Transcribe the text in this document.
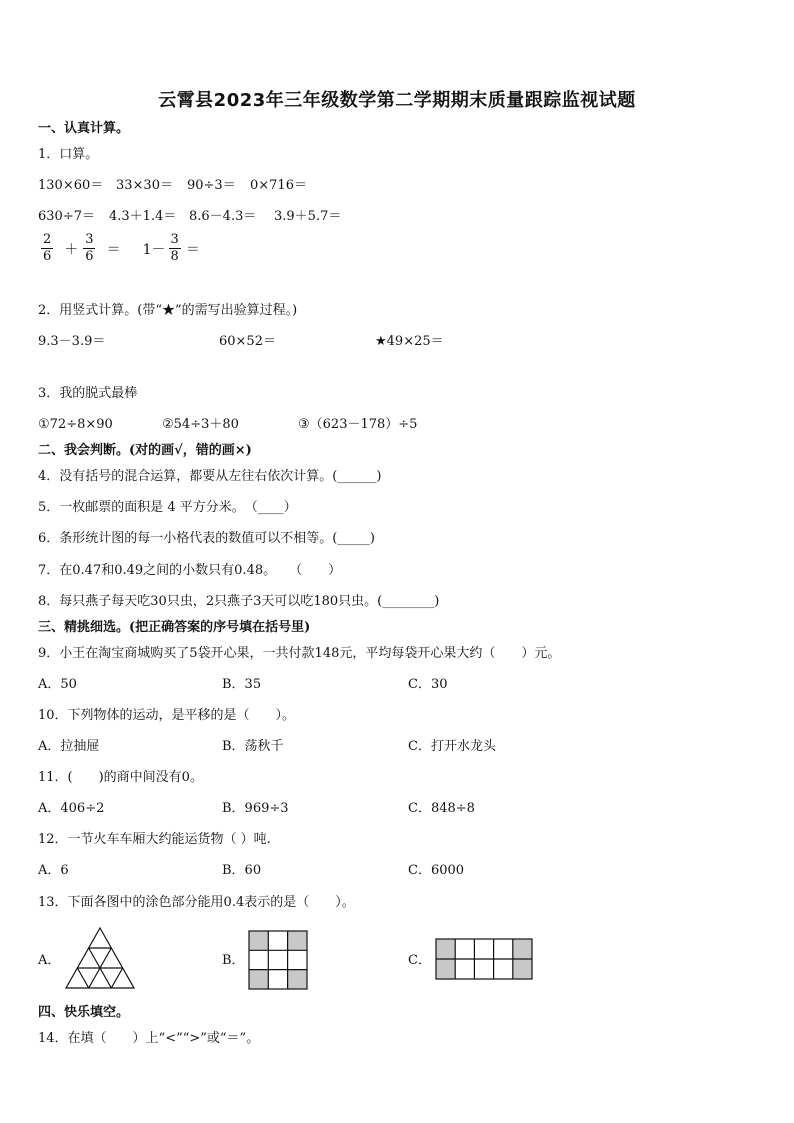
云霄县2023年三年级数学第二学期期末质量跟踪监视试题
一、认真计算。
1．口算。
130×60＝ 33×30＝	90÷3＝	0×716＝
630÷7＝	4.3＋1.4＝ 8.6－4.3＝	3.9＋5.7＝
$\frac{2}{6} + \frac{3}{6} = 1- \frac{3}{8}$ ＝
2．用竖式计算。(带“★”的需写出验算过程。)
9.3－3.9＝	60×52＝	★49×25＝
3．我的脱式最棒
①72÷8×90	②54÷3＋80	③（623－178）÷5
二、我会判断。(对的画√，错的画×)
4．没有括号的混合运算，都要从左往右依次计算。(______)
5．一枚邮票的面积是 4 平方分米。　（____）
6．条形统计图的每一小格代表的数值可以不相等。(_____)
7．在0.47和0.49之间的小数只有0.48。　　（　　）
8．每只燕子每天吃30只虫，2只燕子3天可以吃180只虫。(________)
三、精挑细选。(把正确答案的序号填在括号里)
9．小王在淘宝商城购买了5袋开心果，一共付款148元，平均每袋开心果大约（　　）元。
A．50	B．35	C．30
10．下列物体的运动，是平移的是（　　）。
A．拉抽屉	B．荡秋千	C．打开水龙头
11．(　　)的商中间没有0。
A．406÷2	B．969÷3	C．848÷8
12．一节火车车厢大约能运货物（ ）吨.
A．6	B．60	C．6000
13．下面各图中的涂色部分能用0.4表示的是（　　）。
A．	B．	C．
四、快乐填空。
14．在填（　　）上“<”“>”或“＝”。
